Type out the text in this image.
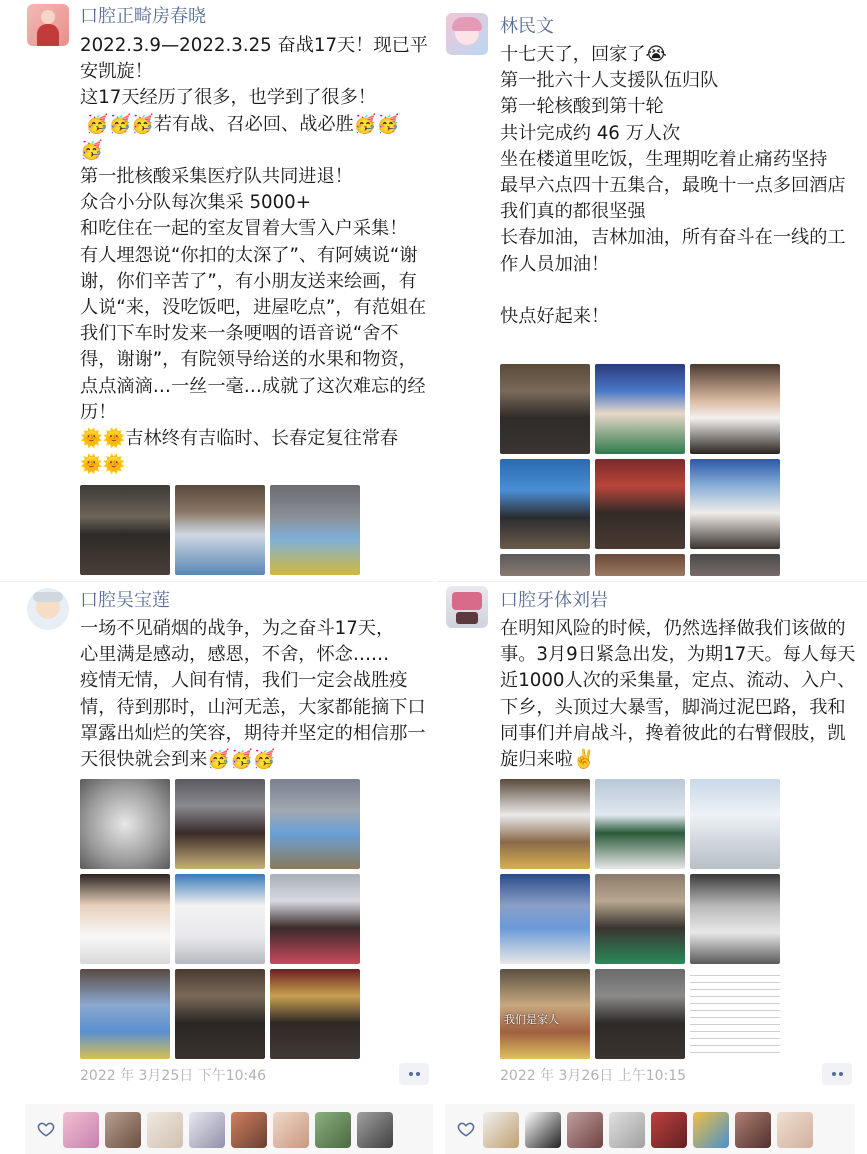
口腔正畸房春晓
2022.3.9—2022.3.25 奋战17天！现已平安凯旋！
这17天经历了很多，也学到了很多！
🥳🥳🥳若有战、召必回、战必胜🥳🥳
🥳
第一批核酸采集医疗队共同进退！
众合小分队每次集采 5000+
和吃住在一起的室友冒着大雪入户采集！
有人埋怨说“你扣的太深了”、有阿姨说“谢谢，你们辛苦了”，有小朋友送来绘画，有人说“来，没吃饭吧，进屋吃点”，有范姐在我们下车时发来一条哽咽的语音说“舍不得，谢谢”，有院领导给送的水果和物资，点点滴滴…一丝一毫…成就了这次难忘的经历！
🌞🌞吉林终有吉临时、长春定复往常春
🌞🌞
林民文
十七天了，回家了😭
第一批六十人支援队伍归队
第一轮核酸到第十轮
共计完成约 46 万人次
坐在楼道里吃饭，生理期吃着止痛药坚持
最早六点四十五集合，最晚十一点多回酒店
我们真的都很坚强
长春加油，吉林加油，所有奋斗在一线的工作人员加油！

快点好起来！
口腔吴宝莲
一场不见硝烟的战争，为之奋斗17天，
心里满是感动，感恩，不舍，怀念……
疫情无情，人间有情，我们一定会战胜疫情，待到那时，山河无恙，大家都能摘下口罩露出灿烂的笑容，期待并坚定的相信那一天很快就会到来🥳🥳🥳
2022 年 3月25日 下午10:46
口腔牙体刘岩
在明知风险的时候，仍然选择做我们该做的事。3月9日紧急出发，为期17天。每人每天近1000人次的采集量，定点、流动、入户、下乡，头顶过大暴雪，脚淌过泥巴路，我和同事们并肩战斗，搀着彼此的右臂假肢，凯旋归来啦✌️
我们是家人
2022 年 3月26日 上午10:15
